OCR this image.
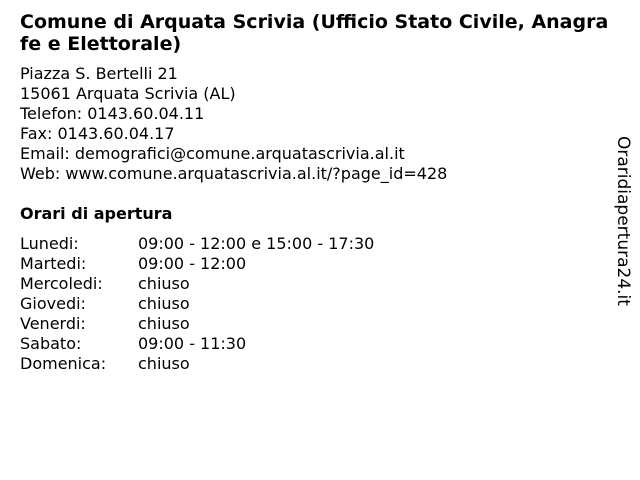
Comune di Arquata Scrivia (Ufficio Stato Civile, Anagrafe e Elettorale)
Piazza S. Bertelli 21
15061 Arquata Scrivia (AL)
Telefon: 0143.60.04.11
Fax: 0143.60.04.17
Email: demografici@comune.arquatascrivia.al.it
Web: www.comune.arquatascrivia.al.it/?page_id=428
Orari di apertura
Lunedi:	09:00 - 12:00 e 15:00 - 17:30
Martedi:	09:00 - 12:00
Mercoledi: chiuso
Giovedi:	chiuso
Venerdi:	chiuso
Sabato:	09:00 - 11:30
Domenica: chiuso
Oraridiapertura24.it
